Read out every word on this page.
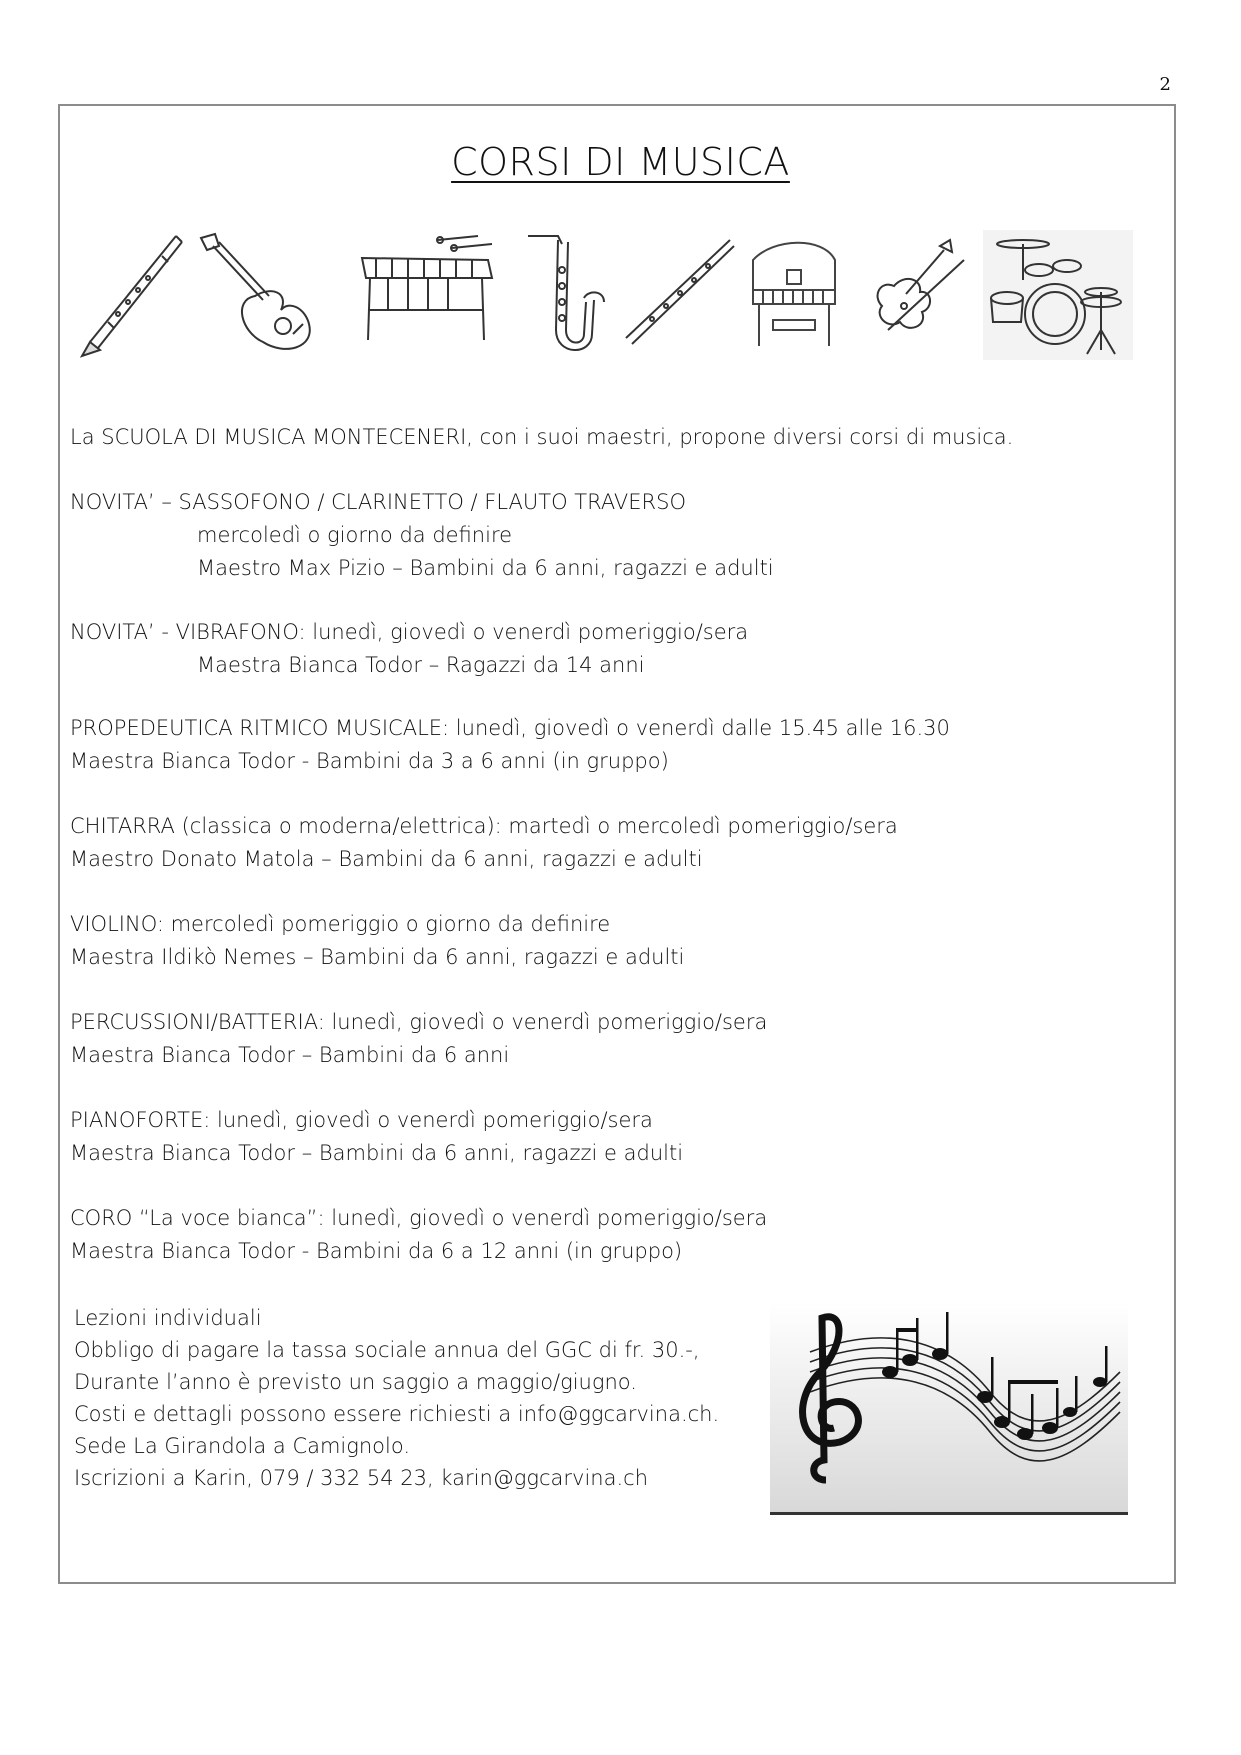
2
CORSI DI MUSICA
La SCUOLA DI MUSICA MONTECENERI, con i suoi maestri, propone diversi corsi di musica.
NOVITA’ – SASSOFONO / CLARINETTO / FLAUTO TRAVERSO
mercoledì o giorno da definire
Maestro Max Pizio – Bambini da 6 anni, ragazzi e adulti
NOVITA’ - VIBRAFONO: lunedì, giovedì o venerdì pomeriggio/sera
Maestra Bianca Todor – Ragazzi da 14 anni
PROPEDEUTICA RITMICO MUSICALE: lunedì, giovedì o venerdì dalle 15.45 alle 16.30
Maestra Bianca Todor - Bambini da 3 a 6 anni (in gruppo)
CHITARRA (classica o moderna/elettrica): martedì o mercoledì pomeriggio/sera
Maestro Donato Matola – Bambini da 6 anni, ragazzi e adulti
VIOLINO: mercoledì pomeriggio o giorno da definire
Maestra Ildikò Nemes – Bambini da 6 anni, ragazzi e adulti
PERCUSSIONI/BATTERIA: lunedì, giovedì o venerdì pomeriggio/sera
Maestra Bianca Todor – Bambini da 6 anni
PIANOFORTE: lunedì, giovedì o venerdì pomeriggio/sera
Maestra Bianca Todor – Bambini da 6 anni, ragazzi e adulti
CORO “La voce bianca”: lunedì, giovedì o venerdì pomeriggio/sera
Maestra Bianca Todor - Bambini da 6 a 12 anni (in gruppo)
Lezioni individuali
Obbligo di pagare la tassa sociale annua del GGC di fr. 30.-,
Durante l’anno è previsto un saggio a maggio/giugno.
Costi e dettagli possono essere richiesti a info@ggcarvina.ch.
Sede La Girandola a Camignolo.
Iscrizioni a Karin, 079 / 332 54 23, karin@ggcarvina.ch
